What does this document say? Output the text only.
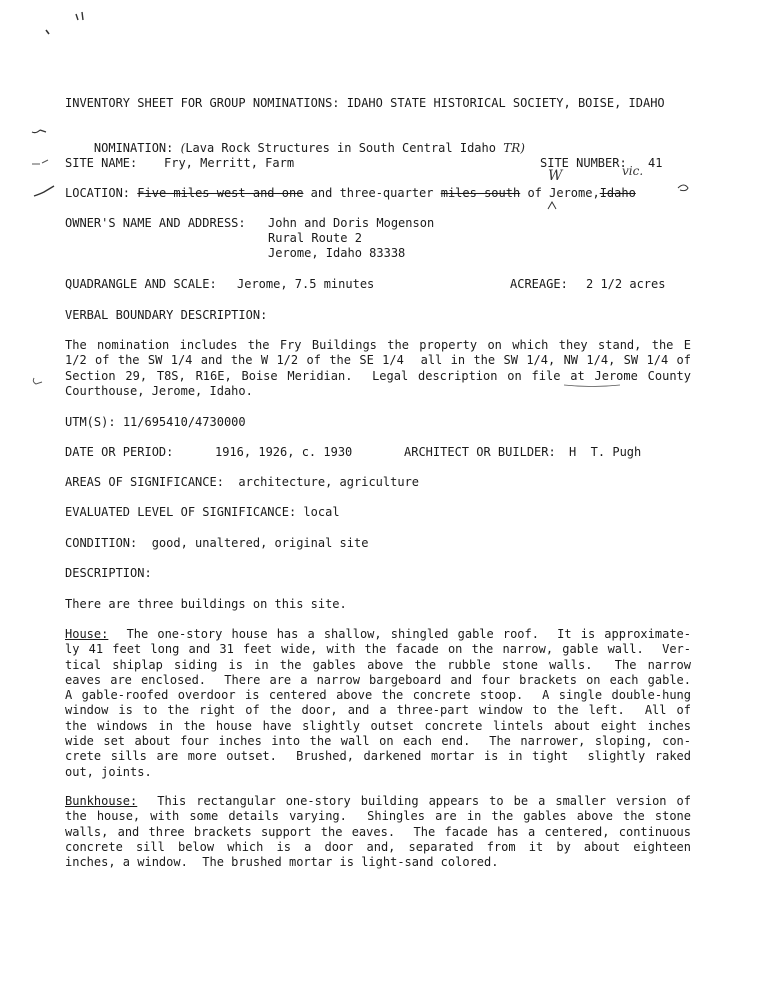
INVENTORY SHEET FOR GROUP NOMINATIONS: IDAHO STATE HISTORICAL SOCIETY, BOISE, IDAHO

NOMINATION: (Lava Rock Structures in South Central Idaho TR)

SITE NAME: Fry, Merritt, Farm	SITE NUMBER: 41
W	vic.
LOCATION: Five miles west and one and three-quarter miles south of Jerome,Idaho
OWNER'S NAME AND ADDRESS: John and Doris Mogenson
Rural Route 2
Jerome, Idaho 83338
QUADRANGLE AND SCALE: Jerome, 7.5 minutes	ACREAGE: 2 1/2 acres
VERBAL BOUNDARY DESCRIPTION:
The nomination includes the Fry Buildings the property on which they stand, the E
1/2 of the SW 1/4 and the W 1/2 of the SE 1/4  all in the SW 1/4, NW 1/4, SW 1/4 of
Section 29, T8S, R16E, Boise Meridian.  Legal description on file at Jerome County
Courthouse, Jerome, Idaho.
UTM(S): 11/695410/4730000
DATE OR PERIOD:	1916, 1926, c. 1930	ARCHITECT OR BUILDER: H  T. Pugh
AREAS OF SIGNIFICANCE: architecture, agriculture
EVALUATED LEVEL OF SIGNIFICANCE: local
CONDITION: good, unaltered, original site
DESCRIPTION:
There are three buildings on this site.
House: The one-story house has a shallow, shingled gable roof.  It is approximate-
ly 41 feet long and 31 feet wide, with the facade on the narrow, gable wall.  Ver-
tical shiplap siding is in the gables above the rubble stone walls.  The narrow
eaves are enclosed.  There are a narrow bargeboard and four brackets on each gable.
A gable-roofed overdoor is centered above the concrete stoop.  A single double-hung
window is to the right of the door, and a three-part window to the left.  All of
the windows in the house have slightly outset concrete lintels about eight inches
wide set about four inches into the wall on each end.  The narrower, sloping, con-
crete sills are more outset.  Brushed, darkened mortar is in tight  slightly raked
out, joints.
Bunkhouse: This rectangular one-story building appears to be a smaller version of
the house, with some details varying.  Shingles are in the gables above the stone
walls, and three brackets support the eaves.  The facade has a centered, continuous
concrete sill below which is a door and, separated from it by about eighteen
inches, a window.  The brushed mortar is light-sand colored.
